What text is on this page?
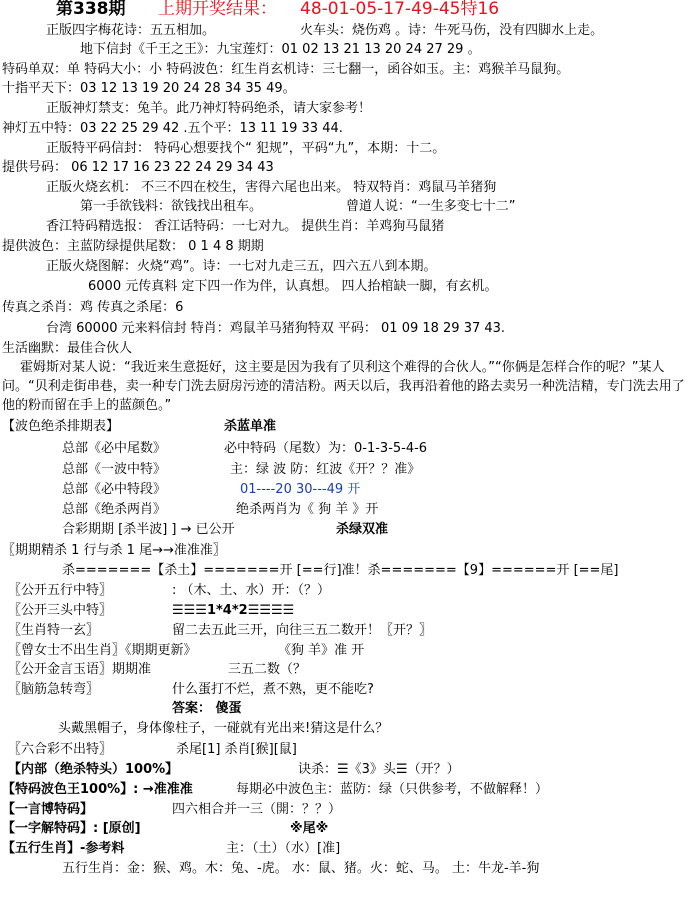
第338期 上期开奖结果： 48-01-05-17-49-45特16
正版四字梅花诗：五五相加。	火车头：烧伤鸡 。诗：牛死马伤，没有四脚水上走。
地下信封《千王之王》：九宝莲灯：01 02 13 21 13 20 24 27 29 。
特码单双：单 特码大小：小 特码波色：红生肖玄机诗：三七翻一，函谷如玉。主：鸡猴羊马鼠狗。
十指平天下：03 12 13 19 20 24 28 34 35 49。
正版神灯禁支：兔羊。此乃神灯特码绝杀，请大家参考！
神灯五中特：03 22 25 29 42 .五个平：13 11 19 33 44.
正版特平码信封： 特码心想要找个“ 犯规”，平码“九”，本期：十二。
提供号码： 06 12 17 16 23 22 24 29 34 43
正版火烧玄机： 不三不四在校生，害得六尾也出来。 特双特肖：鸡鼠马羊猪狗
第一手欲钱料：欲钱找出租车。	曾道人说：“一生多变七十二”
香江特码精选报： 香江话特码：一七对九。 提供生肖：羊鸡狗马鼠猪
提供波色：主蓝防绿提供尾数： 0 1 4 8 期期
正版火烧图解：火烧“鸡”。诗：一七对九走三五，四六五八到本期。
6000 元传真料 定下四一作为伴，认真想。 四人抬棺缺一脚，有玄机。
传真之杀肖：鸡 传真之杀尾：6
台湾 60000 元来料信封 特肖：鸡鼠羊马猪狗特双 平码： 01 09 18 29 37 43.
生活幽默：最佳合伙人
霍姆斯对某人说：“我近来生意挺好，这主要是因为我有了贝利这个难得的合伙人。”“你俩是怎样合作的呢？”某人问。“贝利走街串巷，卖一种专门洗去厨房污迹的清洁粉。两天以后，我再沿着他的路去卖另一种洗洁精，专门洗去用了他的粉而留在手上的蓝颜色。”
【波色绝杀排期表】	杀蓝单准
总部《必中尾数》	必中特码（尾数）为：0-1-3-5-4-6
总部《一波中特》	主：绿 波 防：红波《开？？准》
总部《必中特段》	01----20 30---49 开
总部《绝杀两肖》	绝杀两肖为《 狗 羊 》开
合彩期期 [杀半波] ] → 已公开	杀绿双准
〖期期精杀 1 行与杀 1 尾→→准准准〗
杀=======【杀土】=======开 [==行]准！杀=======【9】======开 [==尾]
〖公开五行中特〗	: （木、土、水）开：（？）
〖公开三头中特〗	☰☰☰1*4*2☰☰☰☰
〖生肖特一玄〗	留二去五此三开，向往三五二数开！〖开？〗
〖曾女士不出生肖〗《期期更新》	《狗 羊》准 开
〖公开金言玉语〗期期准	三五二数（？
〖脑筋急转弯〗	什么蛋打不烂，煮不熟，更不能吃?
答案： 傻蛋
头戴黑帽子，身体像柱子，一碰就有光出来!猜这是什么？
〖六合彩不出特〗	杀尾[1] 杀肖[猴][鼠]
【内部（绝杀特头）100%】	诀杀：☰《3》头☰（开？）
【特码波色王100%】: →准准准	每期必中波色主：蓝防：绿（只供参考，不做解释！）
【一言博特码】	四六相合并一三（開：？？）
【一字解特码】: [原创]	※尾※
【五行生肖】-参考料	主：（土）（水）[准]
五行生肖：金：猴、鸡。木：兔、-虎。 水：鼠、猪。火：蛇、马。 土：牛龙-羊-狗
